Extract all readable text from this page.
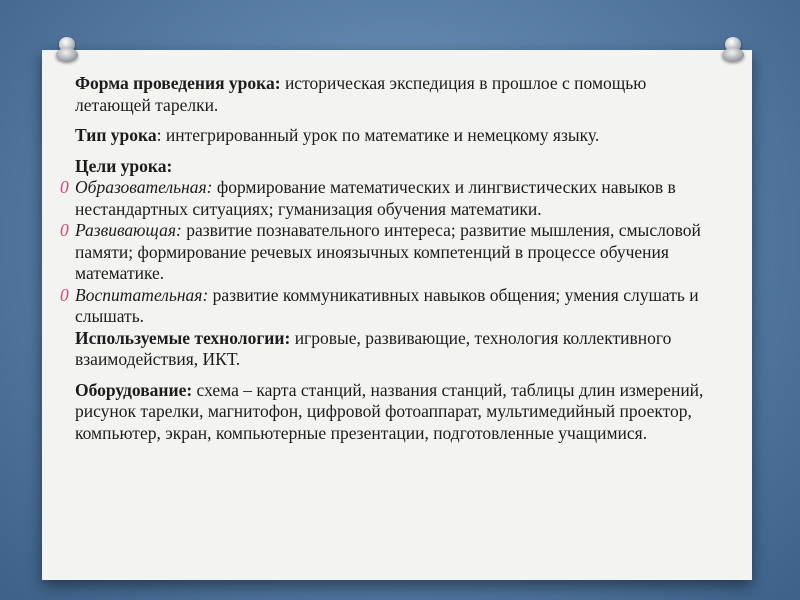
Форма проведения урока: историческая экспедиция в прошлое с помощью летающей тарелки.

Тип урока: интегрированный урок по математике и немецкому языку.

Цели урока:

0 Образовательная: формирование математических и лингвистических навыков в нестандартных ситуациях; гуманизация обучения математики.

0 Развивающая: развитие познавательного интереса; развитие мышления, смысловой памяти; формирование речевых иноязычных компетенций в процессе обучения математике.

0 Воспитательная: развитие коммуникативных навыков общения; умения слушать и слышать.

Используемые технологии: игровые, развивающие, технология коллективного взаимодействия, ИКТ.

Оборудование: схема – карта станций, названия станций, таблицы длин измерений, рисунок тарелки, магнитофон, цифровой фотоаппарат, мультимедийный проектор, компьютер, экран, компьютерные презентации, подготовленные учащимися.
